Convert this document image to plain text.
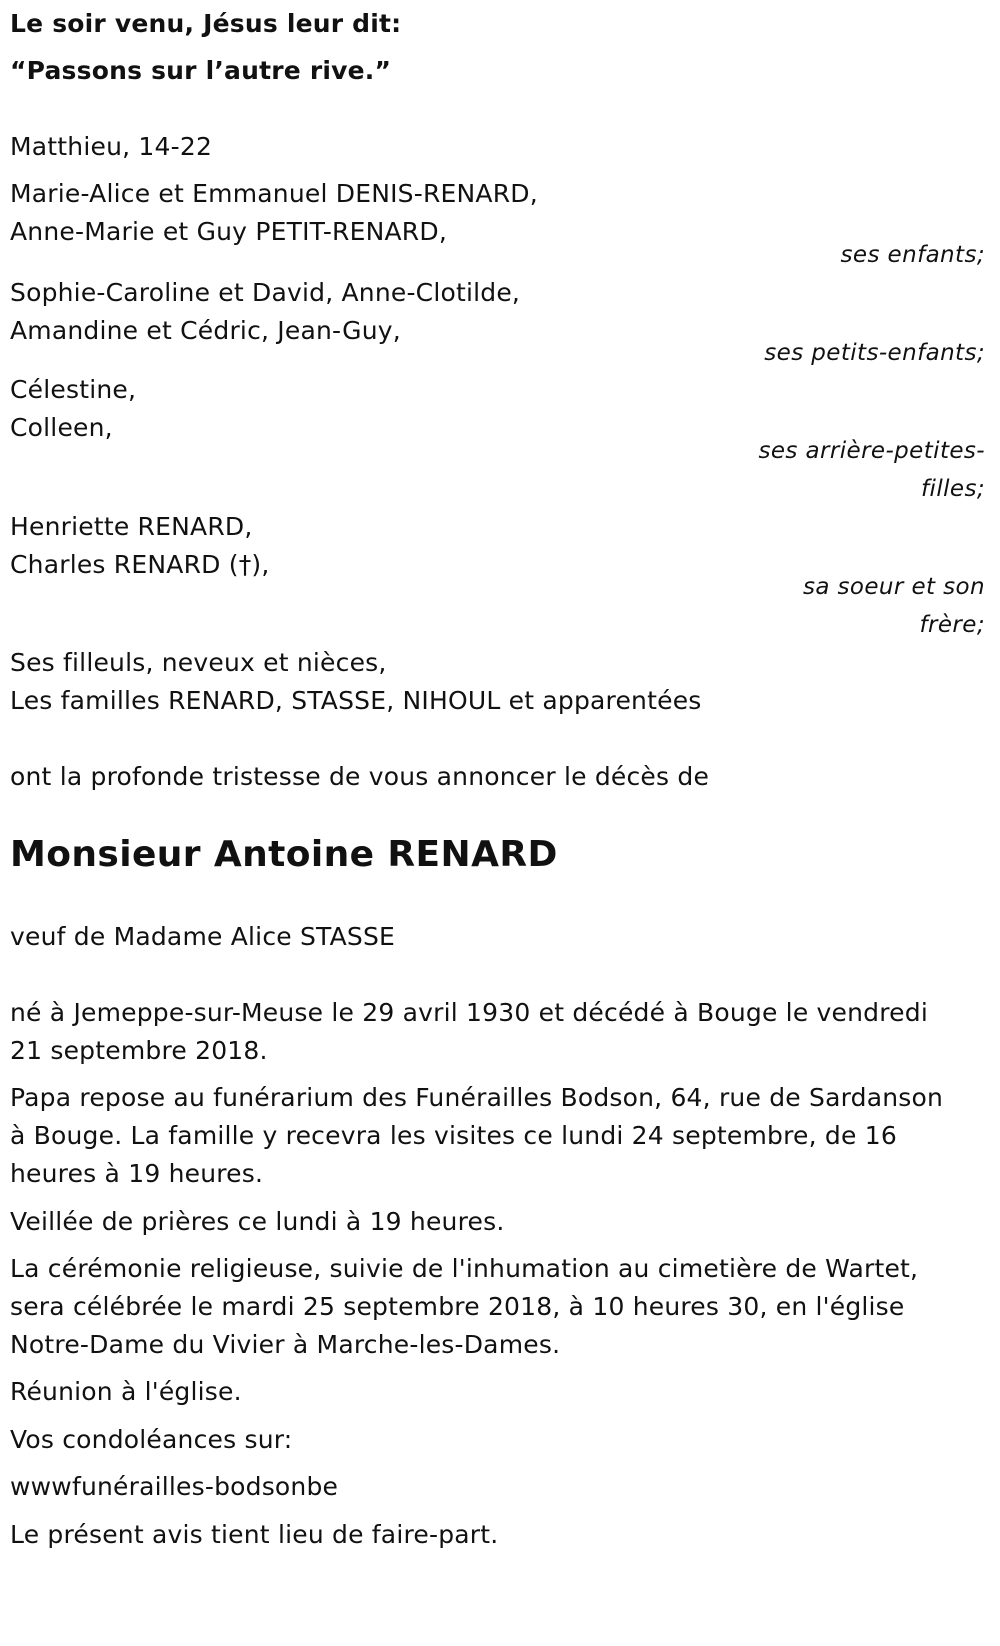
Le soir venu, Jésus leur dit:
“Passons sur l’autre rive.”
Matthieu, 14-22
Marie-Alice et Emmanuel DENIS-RENARD,
Anne-Marie et Guy PETIT-RENARD,
ses enfants;
Sophie-Caroline et David, Anne-Clotilde,
Amandine et Cédric, Jean-Guy,
ses petits-enfants;
Célestine,
Colleen,
ses arrière-petites-
filles;
Henriette RENARD,
Charles RENARD (†),
sa soeur et son
frère;
Ses filleuls, neveux et nièces,
Les familles RENARD, STASSE, NIHOUL et apparentées
ont la profonde tristesse de vous annoncer le décès de
Monsieur Antoine RENARD
veuf de Madame Alice STASSE
né à Jemeppe-sur-Meuse le 29 avril 1930 et décédé à Bouge le vendredi
21 septembre 2018.
Papa repose au funérarium des Funérailles Bodson, 64, rue de Sardanson
à Bouge. La famille y recevra les visites ce lundi 24 septembre, de 16
heures à 19 heures.
Veillée de prières ce lundi à 19 heures.
La cérémonie religieuse, suivie de l'inhumation au cimetière de Wartet,
sera célébrée le mardi 25 septembre 2018, à 10 heures 30, en l'église
Notre-Dame du Vivier à Marche-les-Dames.
Réunion à l'église.
Vos condoléances sur:
wwwfunérailles-bodsonbe
Le présent avis tient lieu de faire-part.
